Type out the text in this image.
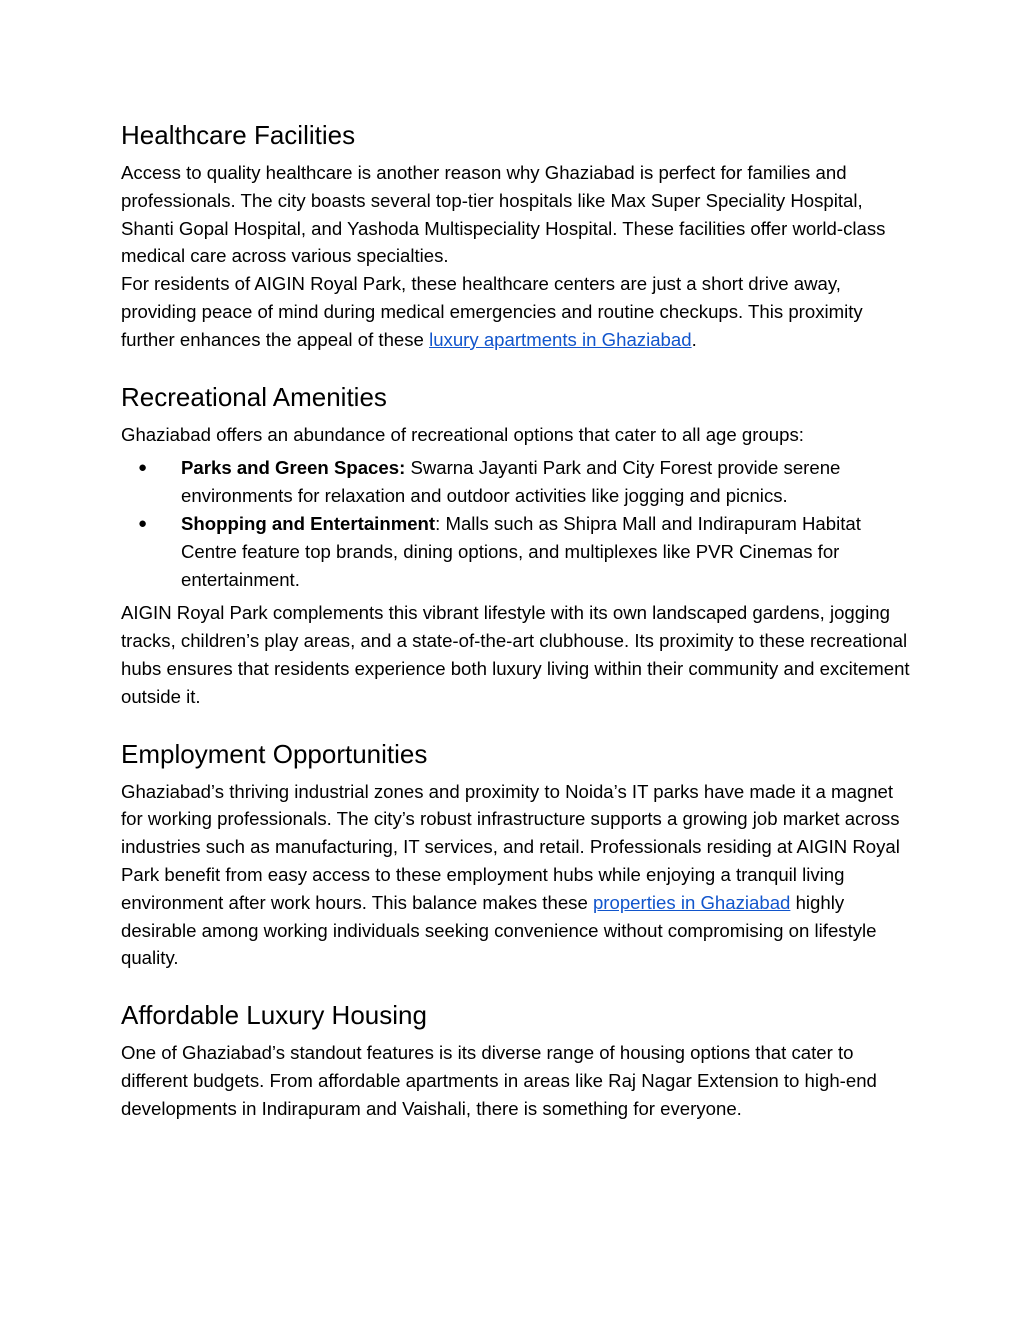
Healthcare Facilities

Access to quality healthcare is another reason why Ghaziabad is perfect for families and professionals. The city boasts several top-tier hospitals like Max Super Speciality Hospital, Shanti Gopal Hospital, and Yashoda Multispeciality Hospital. These facilities offer world-class medical care across various specialties.

For residents of AIGIN Royal Park, these healthcare centers are just a short drive away, providing peace of mind during medical emergencies and routine checkups. This proximity further enhances the appeal of these luxury apartments in Ghaziabad.

Recreational Amenities

Ghaziabad offers an abundance of recreational options that cater to all age groups:

● Parks and Green Spaces: Swarna Jayanti Park and City Forest provide serene environments for relaxation and outdoor activities like jogging and picnics.
● Shopping and Entertainment: Malls such as Shipra Mall and Indirapuram Habitat Centre feature top brands, dining options, and multiplexes like PVR Cinemas for entertainment.

AIGIN Royal Park complements this vibrant lifestyle with its own landscaped gardens, jogging tracks, children’s play areas, and a state-of-the-art clubhouse. Its proximity to these recreational hubs ensures that residents experience both luxury living within their community and excitement outside it.

Employment Opportunities

Ghaziabad’s thriving industrial zones and proximity to Noida’s IT parks have made it a magnet for working professionals. The city’s robust infrastructure supports a growing job market across industries such as manufacturing, IT services, and retail. Professionals residing at AIGIN Royal Park benefit from easy access to these employment hubs while enjoying a tranquil living environment after work hours. This balance makes these properties in Ghaziabad highly desirable among working individuals seeking convenience without compromising on lifestyle quality.

Affordable Luxury Housing

One of Ghaziabad’s standout features is its diverse range of housing options that cater to different budgets. From affordable apartments in areas like Raj Nagar Extension to high-end developments in Indirapuram and Vaishali, there is something for everyone.
